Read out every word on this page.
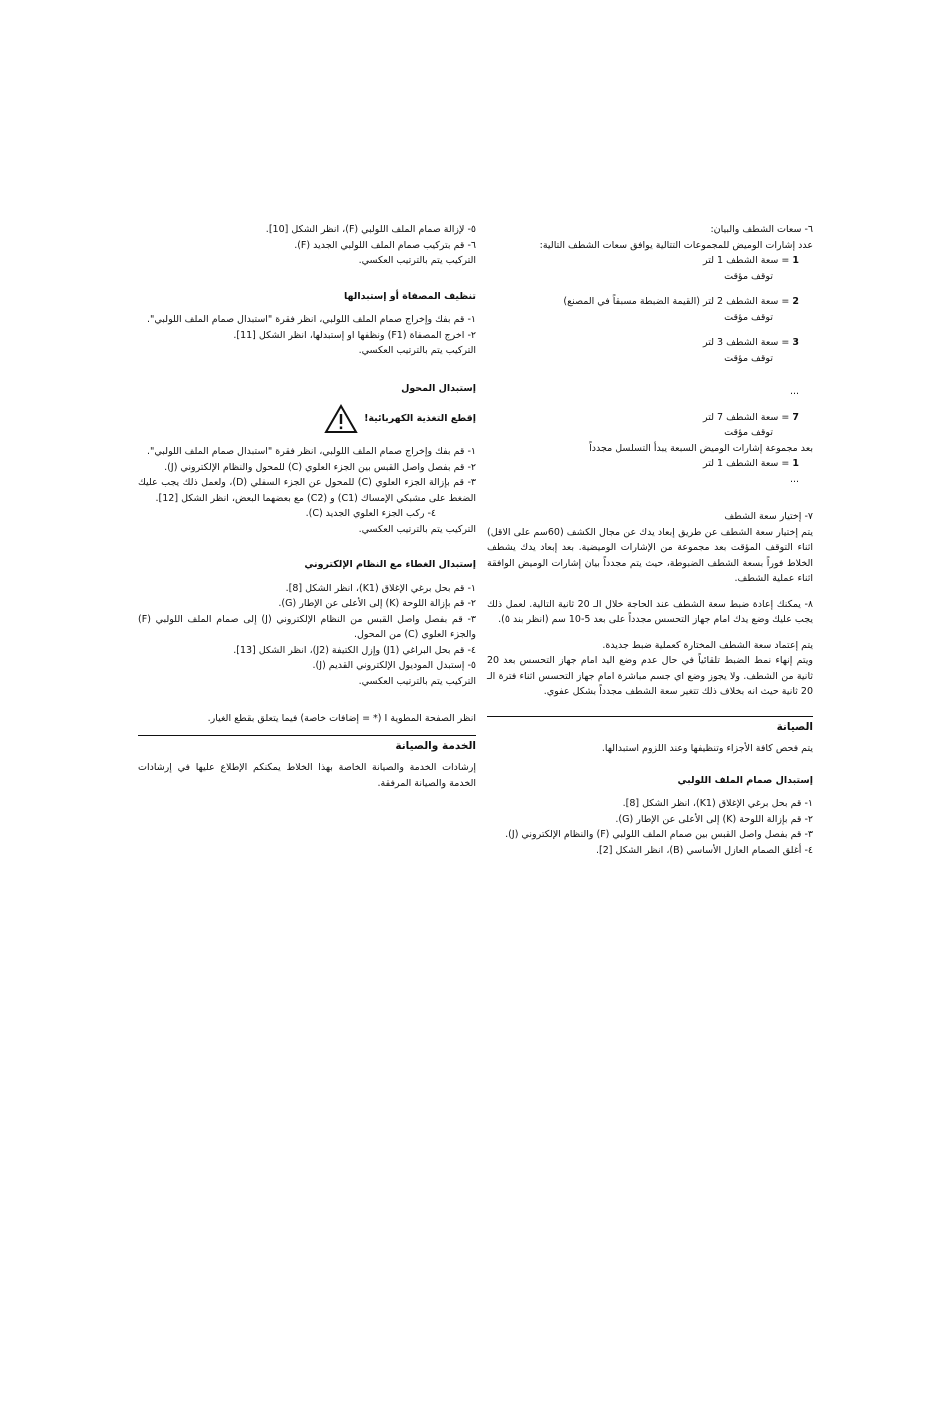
٦- سعات الشطف والبيان:

عدد إشارات الوميض للمجموعات التتالية يوافق سعات الشطف التالية:

1 = سعة الشطف 1 لتر

توقف مؤقت

2 = سعة الشطف 2 لتر (القيمة الضبطة مسبقاً في المصنع)

توقف مؤقت

3 = سعة الشطف 3 لتر

توقف مؤقت

...

7 = سعة الشطف 7 لتر

توقف مؤقت

بعد مجموعة إشارات الوميض السبعة يبدأ التسلسل مجدداً

1 = سعة الشطف 1 لتر

...

٧- إختيار سعة الشطف

يتم إختيار سعة الشطف عن طريق إبعاد يدك عن مجال الكشف (60سم على الاقل) اثناء التوقف المؤقت بعد مجموعة من الإشارات الوميضية. بعد إبعاد يدك يشطف الخلاط فوراً بسعة الشطف الضبوطة، حيث يتم مجدداً بيان إشارات الوميض الوافقة اثناء عملية الشطف.

٨- يمكنك إعادة ضبط سعة الشطف عند الحاجة خلال الـ 20 ثانية التالية. لعمل ذلك يجب عليك وضع يدك امام جهاز التحسس مجدداً على بعد 5-10 سم (انظر بند ٥).

يتم إعتماد سعة الشطف المختارة كعملية ضبط جديدة.

ويتم إنهاء نمط الضبط تلقائياً في حال عدم وضع اليد امام جهاز التحسس بعد 20 ثانية من الشطف. ولا يجوز وضع اي جسم مباشرة امام جهاز التحسس اثناء فترة الـ 20 ثانية حيث انه بخلاف ذلك تتغير سعة الشطف مجدداً بشكل عفوي.

الصيانة

يتم فحص كافة الأجزاء وتنظيفها وعند اللزوم استبدالها.

إستبدال صمام الملف اللولبي

١- قم بحل برغي الإغلاق (K1)، انظر الشكل [8].

٢- قم بإزالة اللوحة (K) إلى الأعلى عن الإطار (G).

٣- قم بفصل واصل القبس بين صمام الملف اللولبي (F) والنظام الإلكتروني (J).

٤- أغلق الصمام العازل الأساسي (B)، انظر الشكل [2].

٥- لإزالة صمام الملف اللولبي (F)، انظر الشكل [10].

٦- قم بتركيب صمام الملف اللولبي الجديد (F).

التركيب يتم بالترتيب العكسي.

تنظيف المصفاة أو إستبدالها

١- قم بفك وإخراج صمام الملف اللولبي، انظر فقرة "استبدال صمام الملف اللولبي".

٢- اخرج المصفاة (F1) ونظفها او إستبدلها، انظر الشكل [11].

التركيب يتم بالترتيب العكسي.

إستبدال المحول

إقطع التغذية الكهربائية!

١- قم بفك وإخراج صمام الملف اللولبي، انظر فقرة "استبدال صمام الملف اللولبي".

٢- قم بفصل واصل القبس بين الجزء العلوي (C) للمحول والنظام الإلكتروني (J).

٣- قم بإزالة الجزء العلوي (C) للمحول عن الجزء السفلي (D)، ولعمل ذلك يجب عليك الضغط على مشبكي الإمساك (C1) و (C2) مع بعضهما البعض، انظر الشكل [12].

٤- ركب الجزء العلوي الجديد (C).

التركيب يتم بالترتيب العكسي.

إستبدال الغطاء مع النظام الإلكتروني

١- قم بحل برغي الإغلاق (K1)، انظر الشكل [8].

٢- قم بإزالة اللوحة (K) إلى الأعلى عن الإطار (G).

٣- قم بفصل واصل القبس من النظام الإلكتروني (J) إلى صمام الملف اللولبي (F) والجزء العلوي (C) من المحول.

٤- قم بحل البراغي (J1) وإزل الكتيفة (J2)، انظر الشكل [13].

٥- إستبدل الموديول الإلكتروني القديم (J).

التركيب يتم بالترتيب العكسي.

انظر الصفحة المطوية I (* = إضافات خاصة) فيما يتعلق بقطع الغيار.

الخدمة والصيانة

إرشادات الخدمة والصيانة الخاصة بهذا الخلاط يمكنكم الإطلاع عليها في إرشادات الخدمة والصيانة المرفقة.
